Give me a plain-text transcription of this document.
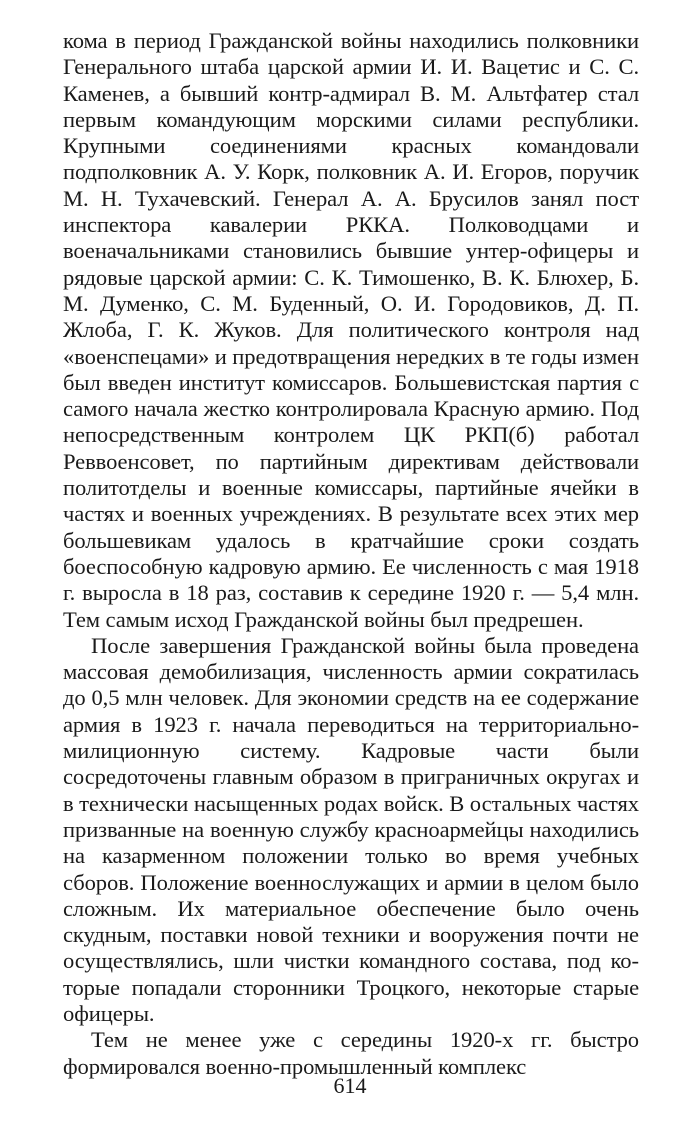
кома в период Гражданской войны находились полковники Генерального штаба царской армии И. И. Вацетис и С. С. Каменев, а бывший контр-адмирал В. М. Альтфатер стал первым командующим морскими силами республики. Крупными соединениями красных командовали подполковник А. У. Корк, полковник А. И. Егоров, поручик М. Н. Тухачевский. Генерал А. А. Брусилов занял пост инспектора кавалерии РККА. Полководцами и военачальниками становились бывшие унтер-офицеры и рядовые царской армии: С. К. Тимошенко, В. К. Блюхер, Б. М. Думенко, С. М. Буденный, О. И. Городовиков, Д. П. Жлоба, Г. К. Жуков. Для политического контроля над «военспецами» и предотвращения нередких в те годы измен был введен институт комиссаров. Большевистская партия с самого начала жестко контролировала Красную армию. Под непосредственным контролем ЦК РКП(б) работал Реввоенсовет, по партийным директивам действовали политотделы и военные комиссары, партийные ячейки в частях и военных учреждениях. В результате всех этих мер большевикам удалось в кратчайшие сроки создать боеспособную кадровую армию. Ее численность с мая 1918 г. выросла в 18 раз, составив к середине 1920 г. — 5,4 млн. Тем самым исход Гражданской войны был предрешен.

После завершения Гражданской войны была проведена массовая демобилизация, численность армии сократилась до 0,5 млн человек. Для экономии средств на ее содержание армия в 1923 г. начала переводиться на территориально-милиционную систему. Кадровые части были сосредоточены главным образом в приграничных округах и в технически насыщенных родах войск. В остальных частях призванные на военную службу красноармейцы находились на казарменном положении только во время учебных сборов. Положение военнослужащих и армии в целом было сложным. Их материальное обеспечение было очень скудным, поставки новой техники и вооружения почти не осуществлялись, шли чистки командного состава, под которые попадали сторонники Троцкого, некоторые старые офицеры.

Тем не менее уже с середины 1920-х гг. быстро формировался военно-промышленный комплекс

614
